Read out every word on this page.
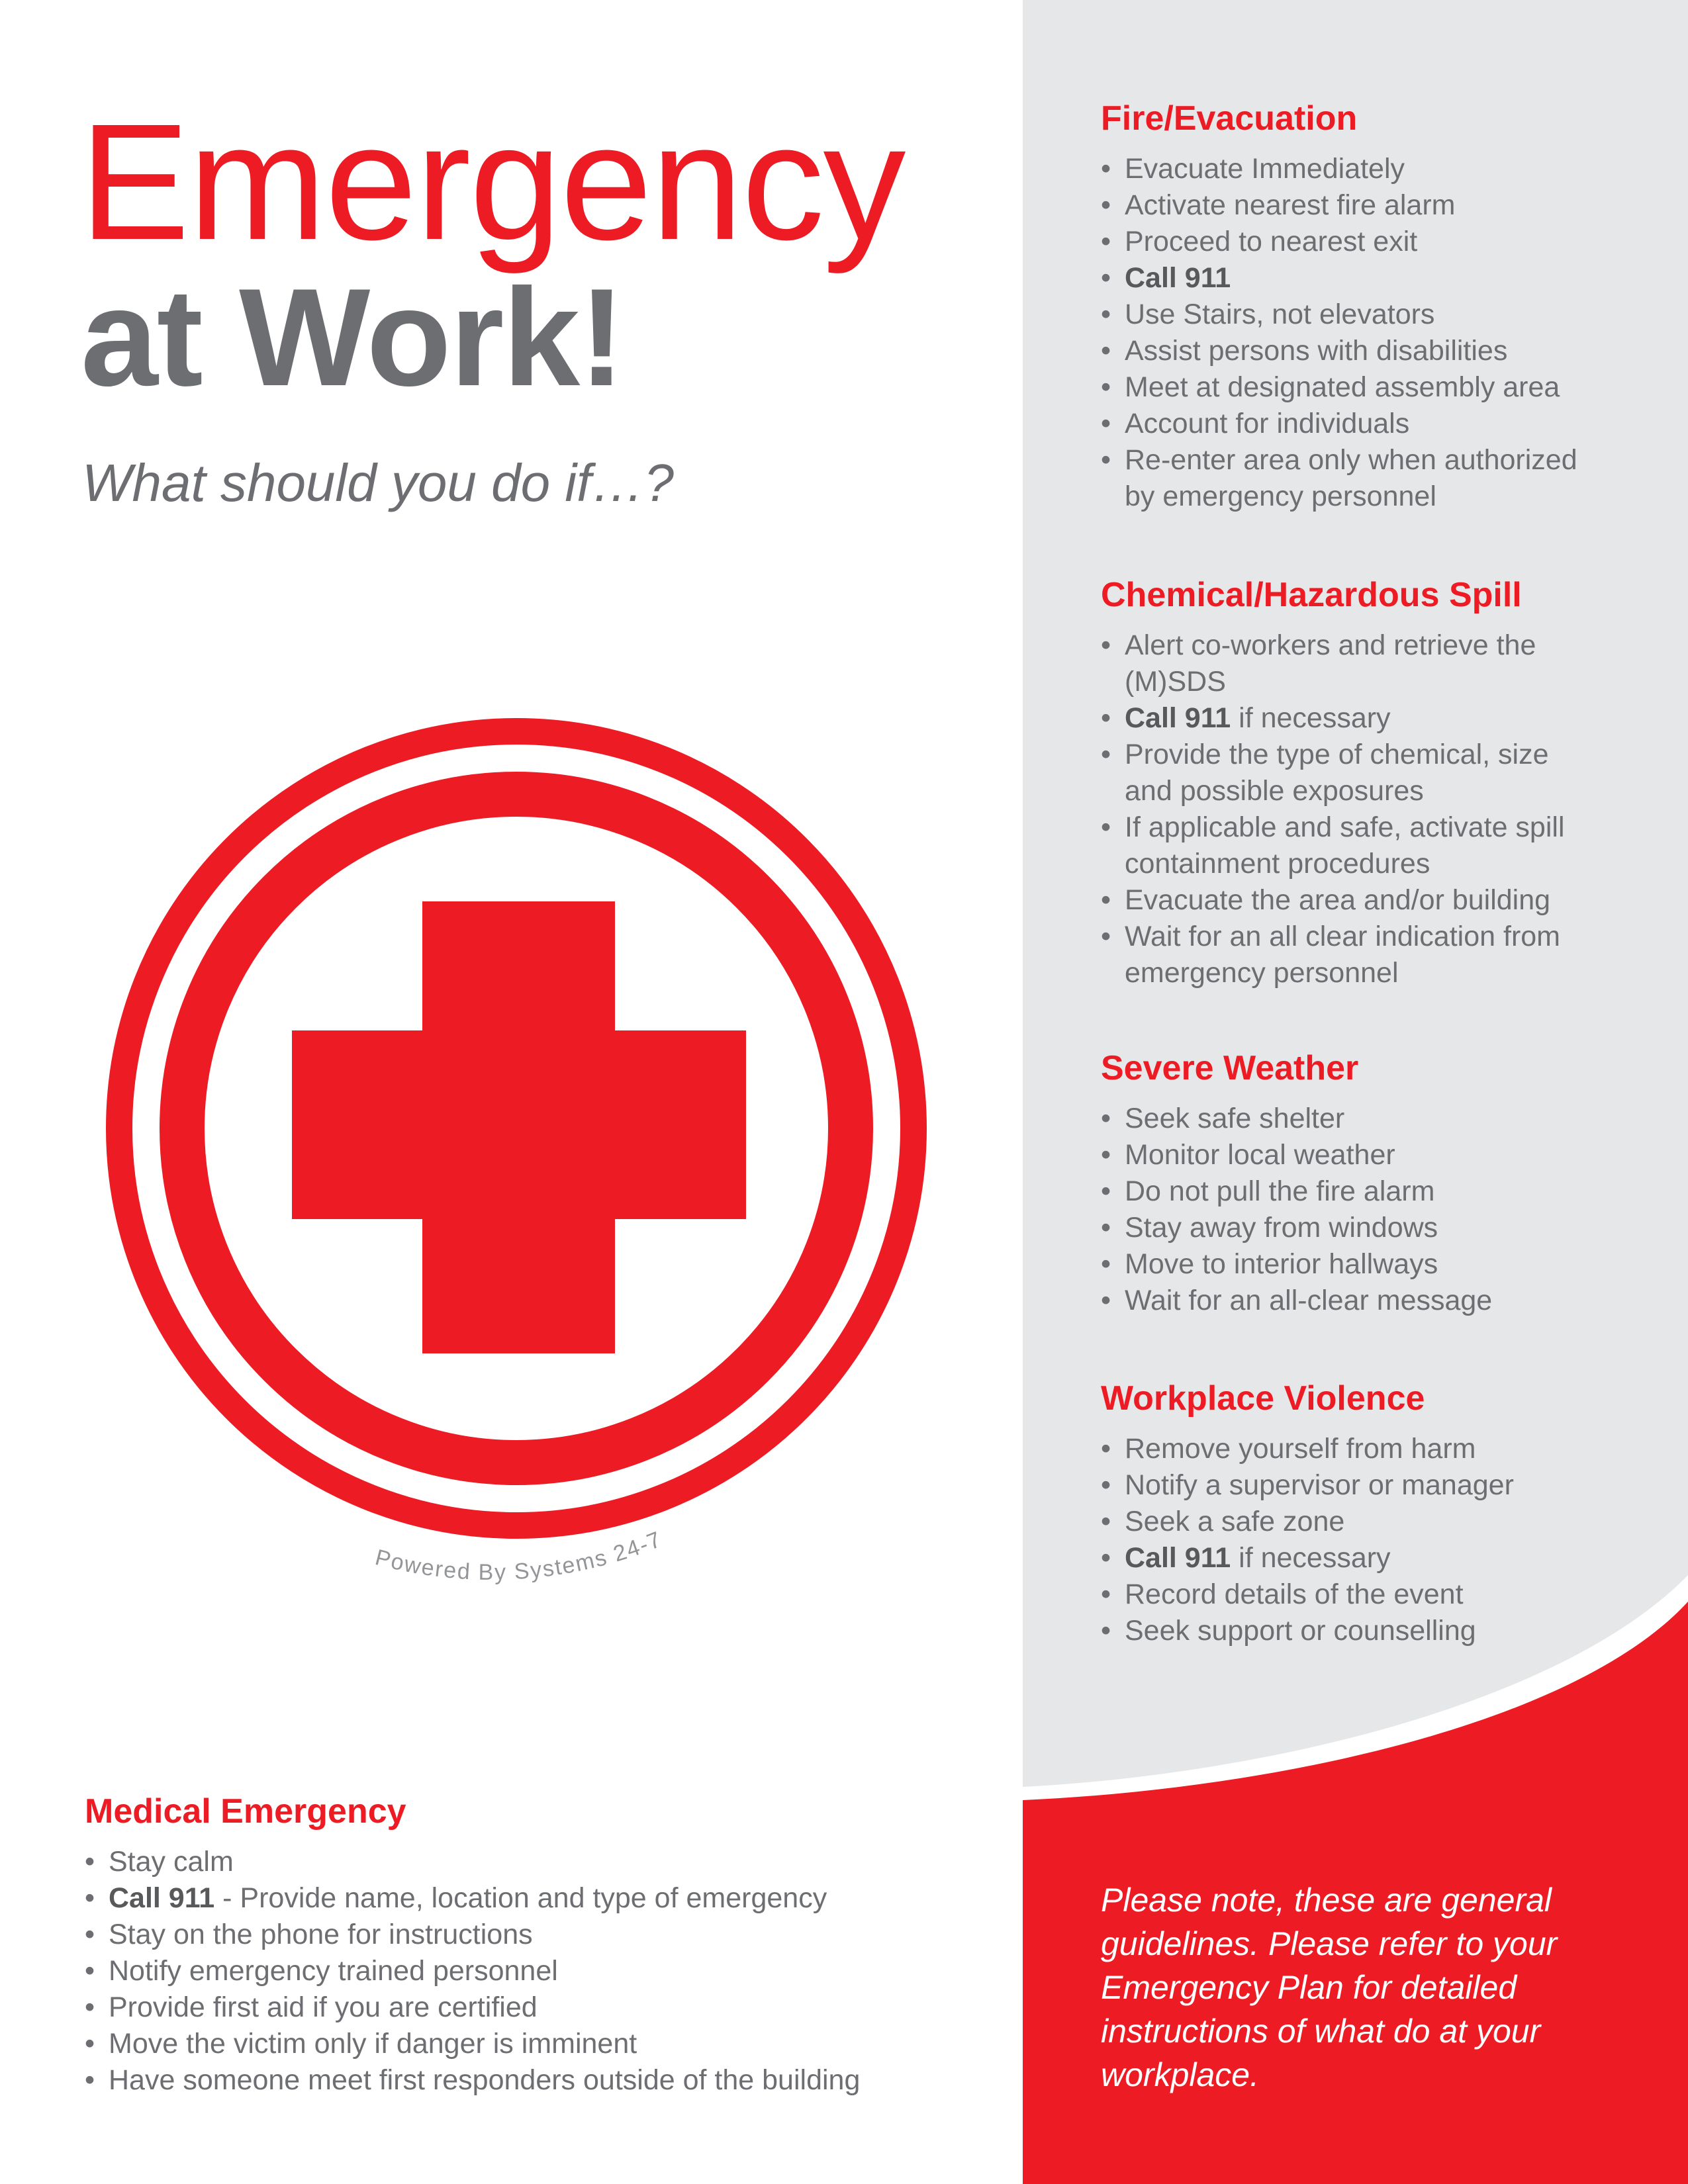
Emergency
at Work!

What should you do if…?

Powered By Systems 24-7
Fire/Evacuation
• Evacuate Immediately
• Activate nearest fire alarm
• Proceed to nearest exit
• Call 911
• Use Stairs, not elevators
• Assist persons with disabilities
• Meet at designated assembly area
• Account for individuals
• Re-enter area only when authorized
by emergency personnel
Chemical/Hazardous Spill
• Alert co-workers and retrieve the
(M)SDS
• Call 911 if necessary
• Provide the type of chemical, size
and possible exposures
• If applicable and safe, activate spill
containment procedures
• Evacuate the area and/or building
• Wait for an all clear indication from
emergency personnel
Severe Weather
• Seek safe shelter
• Monitor local weather
• Do not pull the fire alarm
• Stay away from windows
• Move to interior hallways
• Wait for an all-clear message
Workplace Violence
• Remove yourself from harm
• Notify a supervisor or manager
• Seek a safe zone
• Call 911 if necessary
• Record details of the event
• Seek support or counselling
Medical Emergency
• Stay calm
• Call 911 - Provide name, location and type of emergency
• Stay on the phone for instructions
• Notify emergency trained personnel
• Provide first aid if you are certified
• Move the victim only if danger is imminent
• Have someone meet first responders outside of the building

Please note, these are general guidelines. Please refer to your Emergency Plan for detailed instructions of what do at your workplace.
